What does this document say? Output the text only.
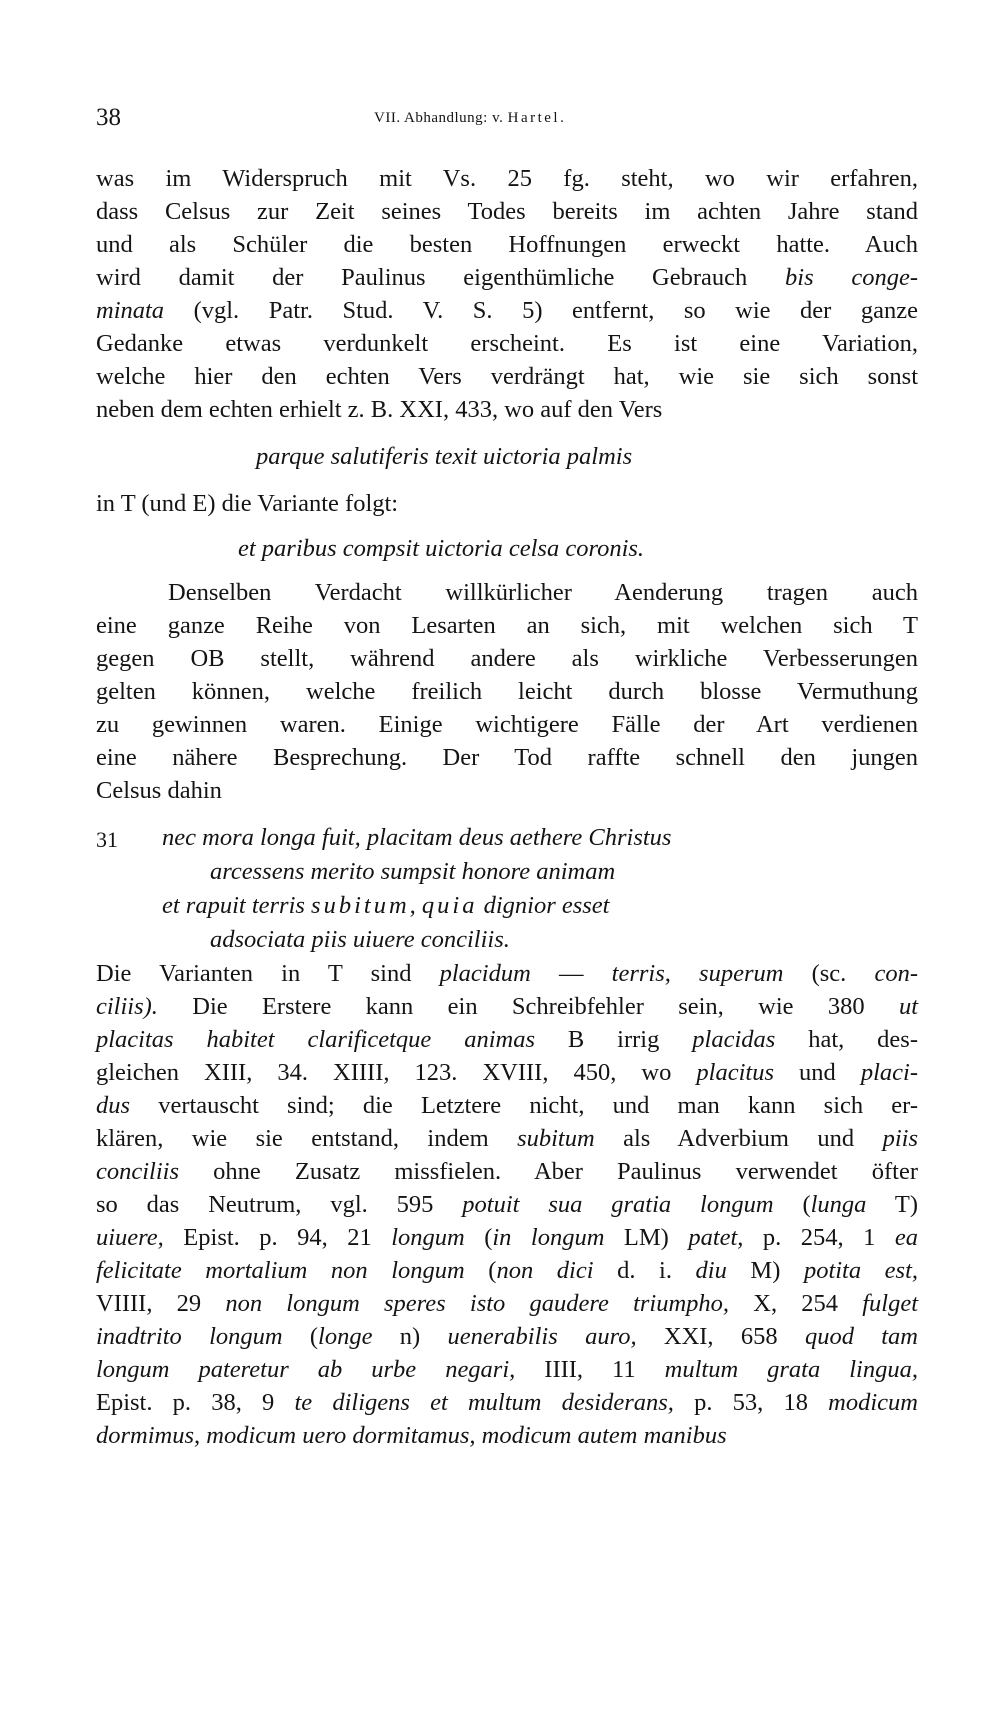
38	VII. Abhandlung: v. Hartel.
was im Widerspruch mit Vs. 25 fg. steht, wo wir erfahren,
dass Celsus zur Zeit seines Todes bereits im achten Jahre stand
und als Schüler die besten Hoffnungen erweckt hatte. Auch
wird damit der Paulinus eigenthümliche Gebrauch bis conge-
minata (vgl. Patr. Stud. V. S. 5) entfernt, so wie der ganze
Gedanke etwas verdunkelt erscheint. Es ist eine Variation,
welche hier den echten Vers verdrängt hat, wie sie sich sonst
neben dem echten erhielt z. B. XXI, 433, wo auf den Vers
parque salutiferis texit uictoria palmis
in T (und E) die Variante folgt:
et paribus compsit uictoria celsa coronis.
Denselben Verdacht willkürlicher Aenderung tragen auch
eine ganze Reihe von Lesarten an sich, mit welchen sich T
gegen OB stellt, während andere als wirkliche Verbesserungen
gelten können, welche freilich leicht durch blosse Vermuthung
zu gewinnen waren. Einige wichtigere Fälle der Art verdienen
eine nähere Besprechung. Der Tod raffte schnell den jungen
Celsus dahin
31 nec mora longa fuit, placitam deus aethere Christus
arcessens merito sumpsit honore animam
et rapuit terris subitum, quia dignior esset
adsociata piis uiuere conciliis.
Die Varianten in T sind placidum — terris, superum (sc. con-
ciliis). Die Erstere kann ein Schreibfehler sein, wie 380 ut
placitas habitet clarificetque animas B irrig placidas hat, des-
gleichen XIII, 34. XIIII, 123. XVIII, 450, wo placitus und placi-
dus vertauscht sind; die Letztere nicht, und man kann sich er-
klären, wie sie entstand, indem subitum als Adverbium und piis
conciliis ohne Zusatz missfielen. Aber Paulinus verwendet öfter
so das Neutrum, vgl. 595 potuit sua gratia longum (lunga T)
uiuere, Epist. p. 94, 21 longum (in longum LM) patet, p. 254, 1 ea
felicitate mortalium non longum (non dici d. i. diu M) potita est,
VIIII, 29 non longum speres isto gaudere triumpho, X, 254 fulget
inadtrito longum (longe n) uenerabilis auro, XXI, 658 quod tam
longum pateretur ab urbe negari, IIII, 11 multum grata lingua,
Epist. p. 38, 9 te diligens et multum desiderans, p. 53, 18 modicum
dormimus, modicum uero dormitamus, modicum autem manibus
